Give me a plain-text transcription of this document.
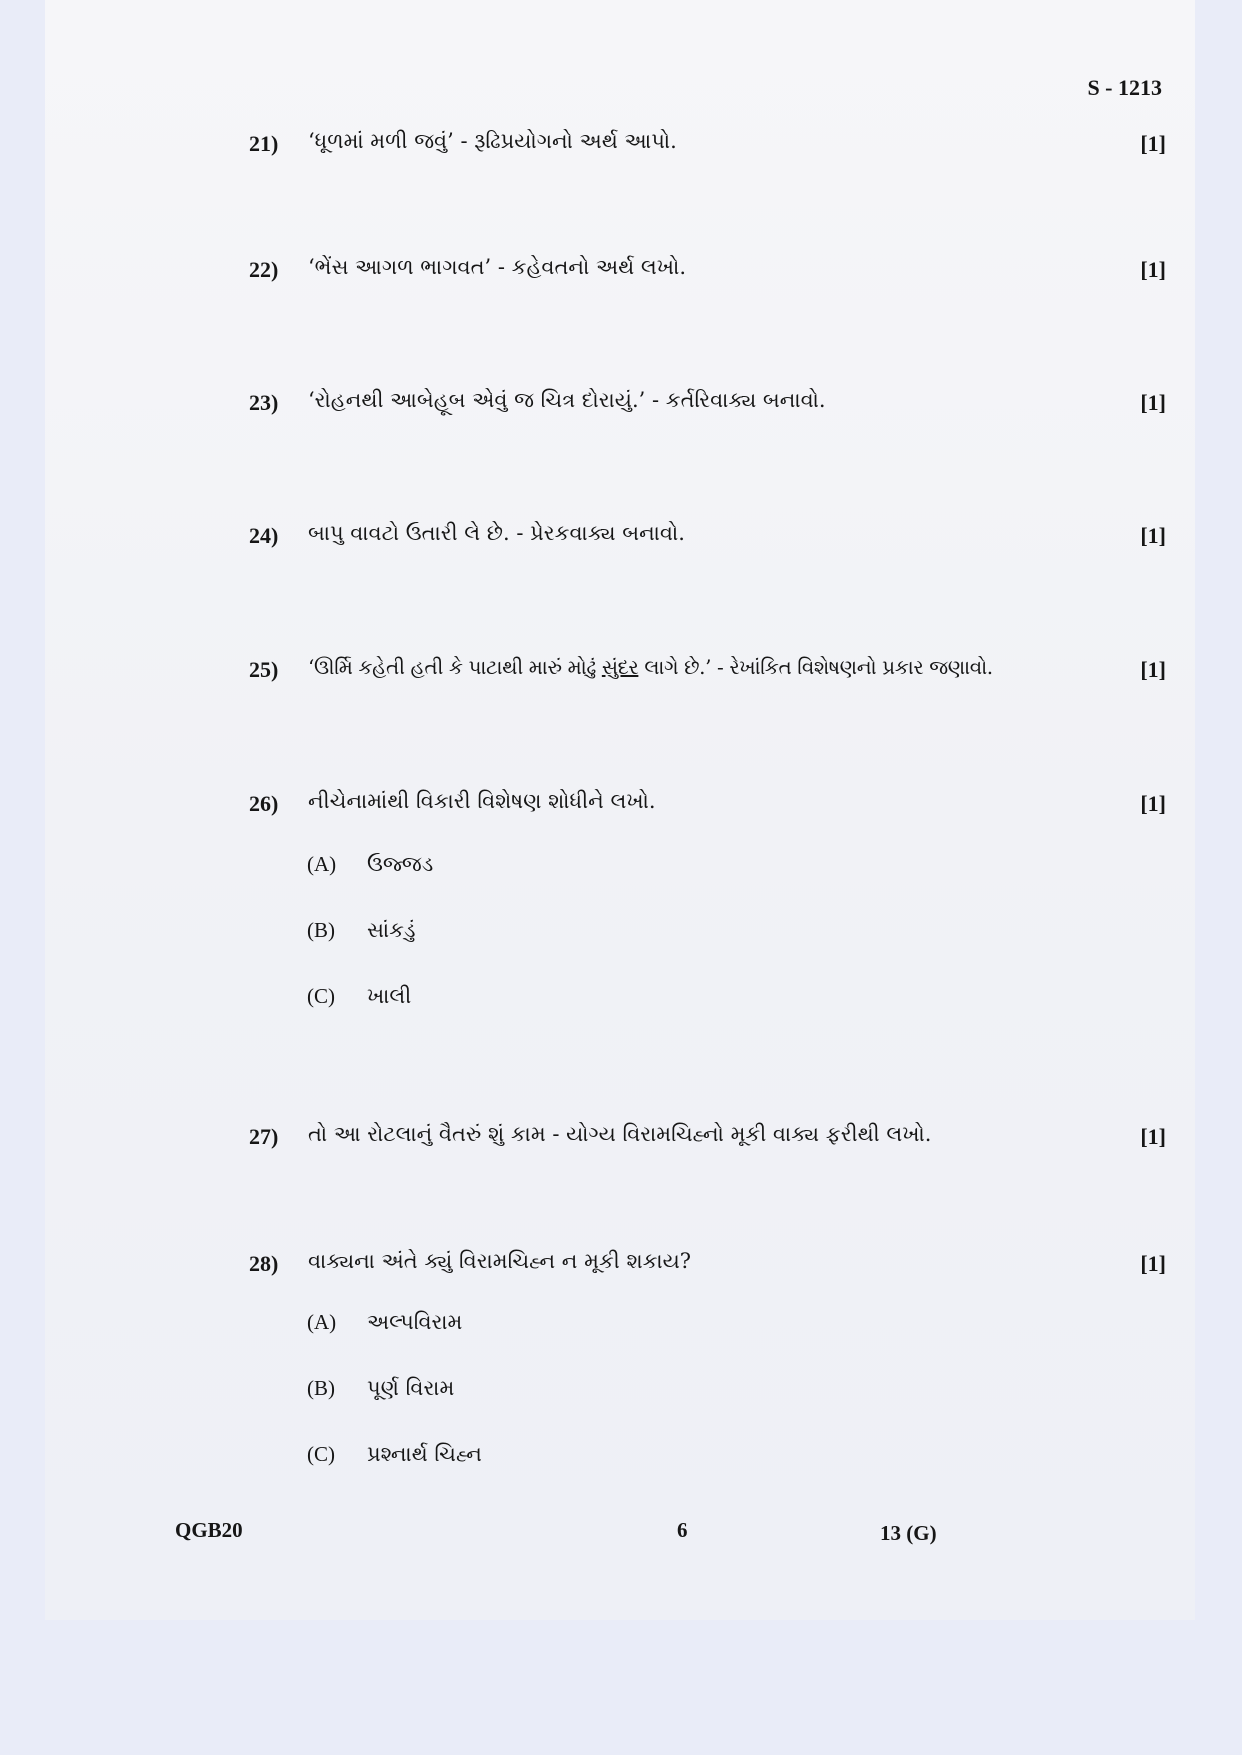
S - 1213
21) ‘ધૂળમાં મળી જવું’ - રૂઢિપ્રયોગનો અર્થ આપો.	[1]
22) ‘ભેંસ આગળ ભાગવત’ - કહેવતનો અર્થ લખો.	[1]
23) ‘રોહનથી આબેહૂબ એવું જ ચિત્ર દોરાયું.’ - કર્તરિવાક્ય બનાવો.	[1]
24) બાપુ વાવટો ઉતારી લે છે. - પ્રેરકવાક્ય બનાવો.	[1]
25) ‘ઊર્મિ કહેતી હતી કે પાટાથી મારું મોઢું સુંદર લાગે છે.’ - રેખાંકિત વિશેષણનો પ્રકાર જણાવો.	[1]
26) નીચેનામાંથી વિકારી વિશેષણ શોધીને લખો.	[1]
(A) ઉજ્જડ
(B) સાંકડું
(C) ખાલી
27) તો આ રોટલાનું વૈતરું શું કામ - યોગ્ય વિરામચિહ્નો મૂકી વાક્ય ફરીથી લખો.	[1]
28) વાક્યના અંતે ક્યું વિરામચિહ્ન ન મૂકી શકાય?	[1]
(A) અલ્પવિરામ
(B) પૂર્ણ વિરામ
(C) પ્રશ્નાર્થ ચિહ્ન
QGB20	6	13 (G)
